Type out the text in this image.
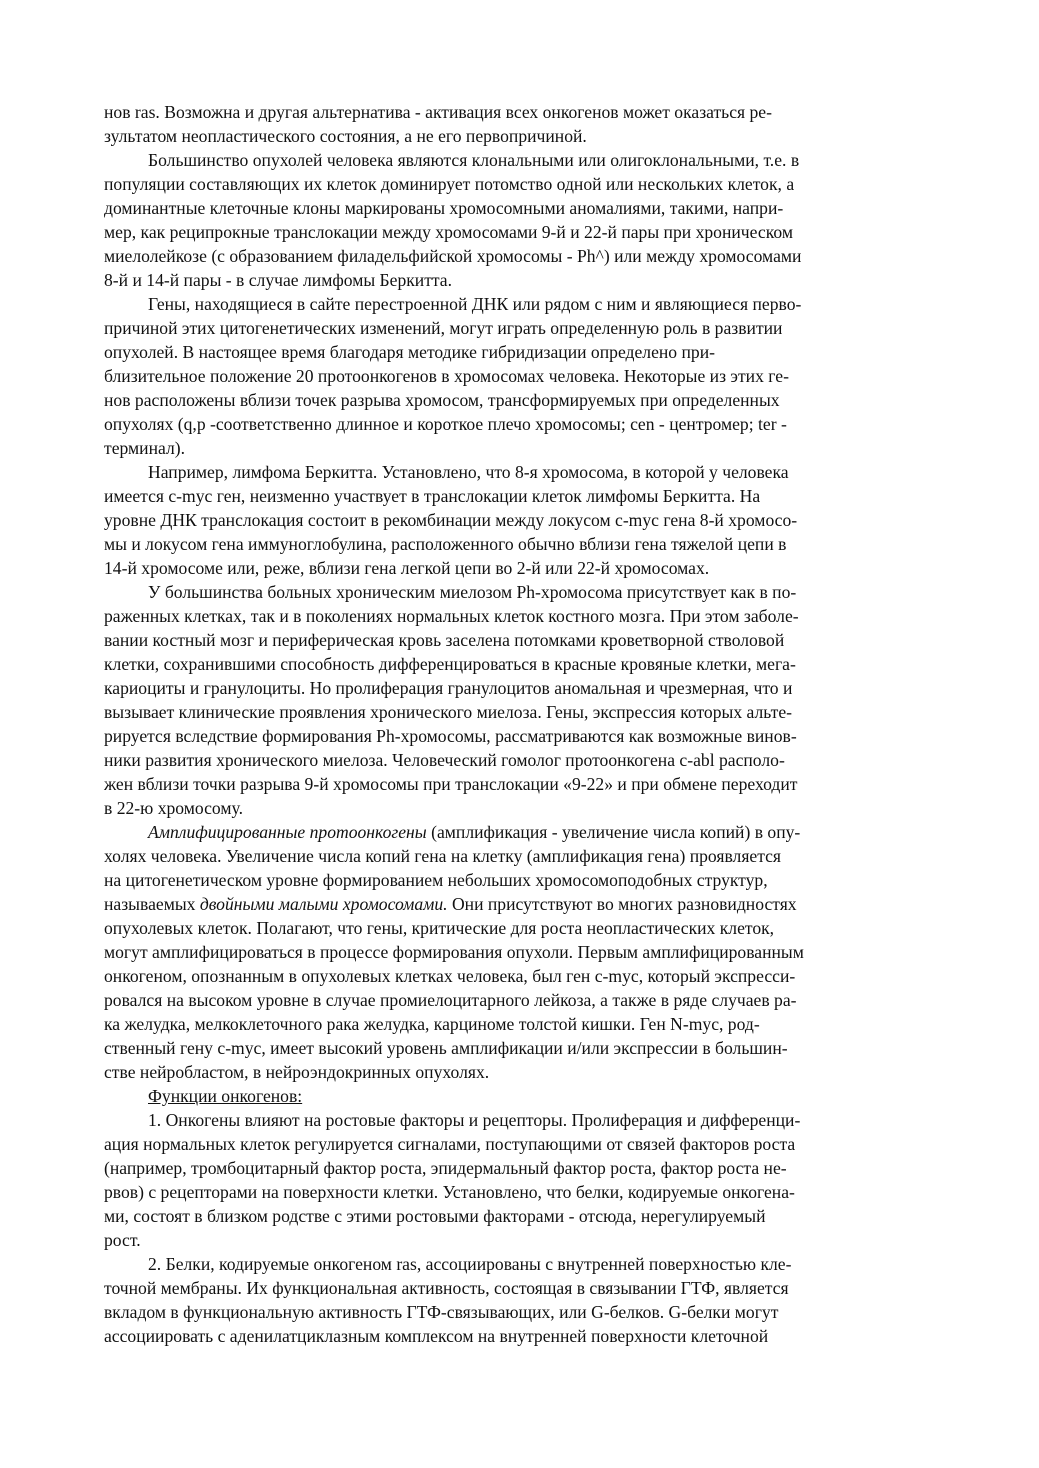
нов ras. Возможна и другая альтернатива - активация всех онкогенов может оказаться ре-
зультатом неопластического состояния, а не его первопричиной.
Большинство опухолей человека являются клональными или олигоклональными, т.е. в
популяции составляющих их клеток доминирует потомство одной или нескольких клеток, а
доминантные клеточные клоны маркированы хромосомными аномалиями, такими, напри-
мер, как реципрокные транслокации между хромосомами 9-й и 22-й пары при хроническом
миелолейкозе (с образованием филадельфийской хромосомы - Ph^) или между хромосомами
8-й и 14-й пары - в случае лимфомы Беркитта.
Гены, находящиеся в сайте перестроенной ДНК или рядом с ним и являющиеся перво-
причиной этих цитогенетических изменений, могут играть определенную роль в развитии
опухолей. В настоящее время благодаря методике гибридизации определено при-
близительное положение 20 протоонкогенов в хромосомах человека. Некоторые из этих ге-
нов расположены вблизи точек разрыва хромосом, трансформируемых при определенных
опухолях (q,p -соответственно длинное и короткое плечо хромосомы; cen - центромер; ter -
терминал).
Например, лимфома Беркитта. Установлено, что 8-я хромосома, в которой у человека
имеется с-myc ген, неизменно участвует в транслокации клеток лимфомы Беркитта. На
уровне ДНК транслокация состоит в рекомбинации между локусом с-myc гена 8-й хромосо-
мы и локусом гена иммуноглобулина, расположенного обычно вблизи гена тяжелой цепи в
14-й хромосоме или, реже, вблизи гена легкой цепи во 2-й или 22-й хромосомах.
У большинства больных хроническим миелозом Ph-хромосома присутствует как в по-
раженных клетках, так и в поколениях нормальных клеток костного мозга. При этом заболе-
вании костный мозг и периферическая кровь заселена потомками кроветворной стволовой
клетки, сохранившими способность дифференцироваться в красные кровяные клетки, мега-
кариоциты и гранулоциты. Но пролиферация гранулоцитов аномальная и чрезмерная, что и
вызывает клинические проявления хронического миелоза. Гены, экспрессия которых альте-
рируется вследствие формирования Ph-хромосомы, рассматриваются как возможные винов-
ники развития хронического миелоза. Человеческий гомолог протоонкогена c-abl располо-
жен вблизи точки разрыва 9-й хромосомы при транслокации «9-22» и при обмене переходит
в 22-ю хромосому.
Амплифицированные протоонкогены (амплификация - увеличение числа копий) в опу-
холях человека. Увеличение числа копий гена на клетку (амплификация гена) проявляется
на цитогенетическом уровне формированием небольших хромосомоподобных структур,
называемых двойными малыми хромосомами. Они присутствуют во многих разновидностях
опухолевых клеток. Полагают, что гены, критические для роста неопластических клеток,
могут амплифицироваться в процессе формирования опухоли. Первым амплифицированным
онкогеном, опознанным в опухолевых клетках человека, был ген с-myc, который экспресси-
ровался на высоком уровне в случае промиелоцитарного лейкоза, а также в ряде случаев ра-
ка желудка, мелкоклеточного рака желудка, карциноме толстой кишки. Ген N-myc, род-
ственный гену с-myc, имеет высокий уровень амплификации и/или экспрессии в большин-
стве нейробластом, в нейроэндокринных опухолях.
Функции онкогенов:
1. Онкогены влияют на ростовые факторы и рецепторы. Пролиферация и дифференци-
ация нормальных клеток регулируется сигналами, поступающими от связей факторов роста
(например, тромбоцитарный фактор роста, эпидермальный фактор роста, фактор роста не-
рвов) с рецепторами на поверхности клетки. Установлено, что белки, кодируемые онкогена-
ми, состоят в близком родстве с этими ростовыми факторами - отсюда, нерегулируемый
рост.
2. Белки, кодируемые онкогеном ras, ассоциированы с внутренней поверхностью кле-
точной мембраны. Их функциональная активность, состоящая в связывании ГТФ, является
вкладом в функциональную активность ГТФ-связывающих, или G-белков. G-белки могут
ассоциировать с аденилатциклазным комплексом на внутренней поверхности клеточной
